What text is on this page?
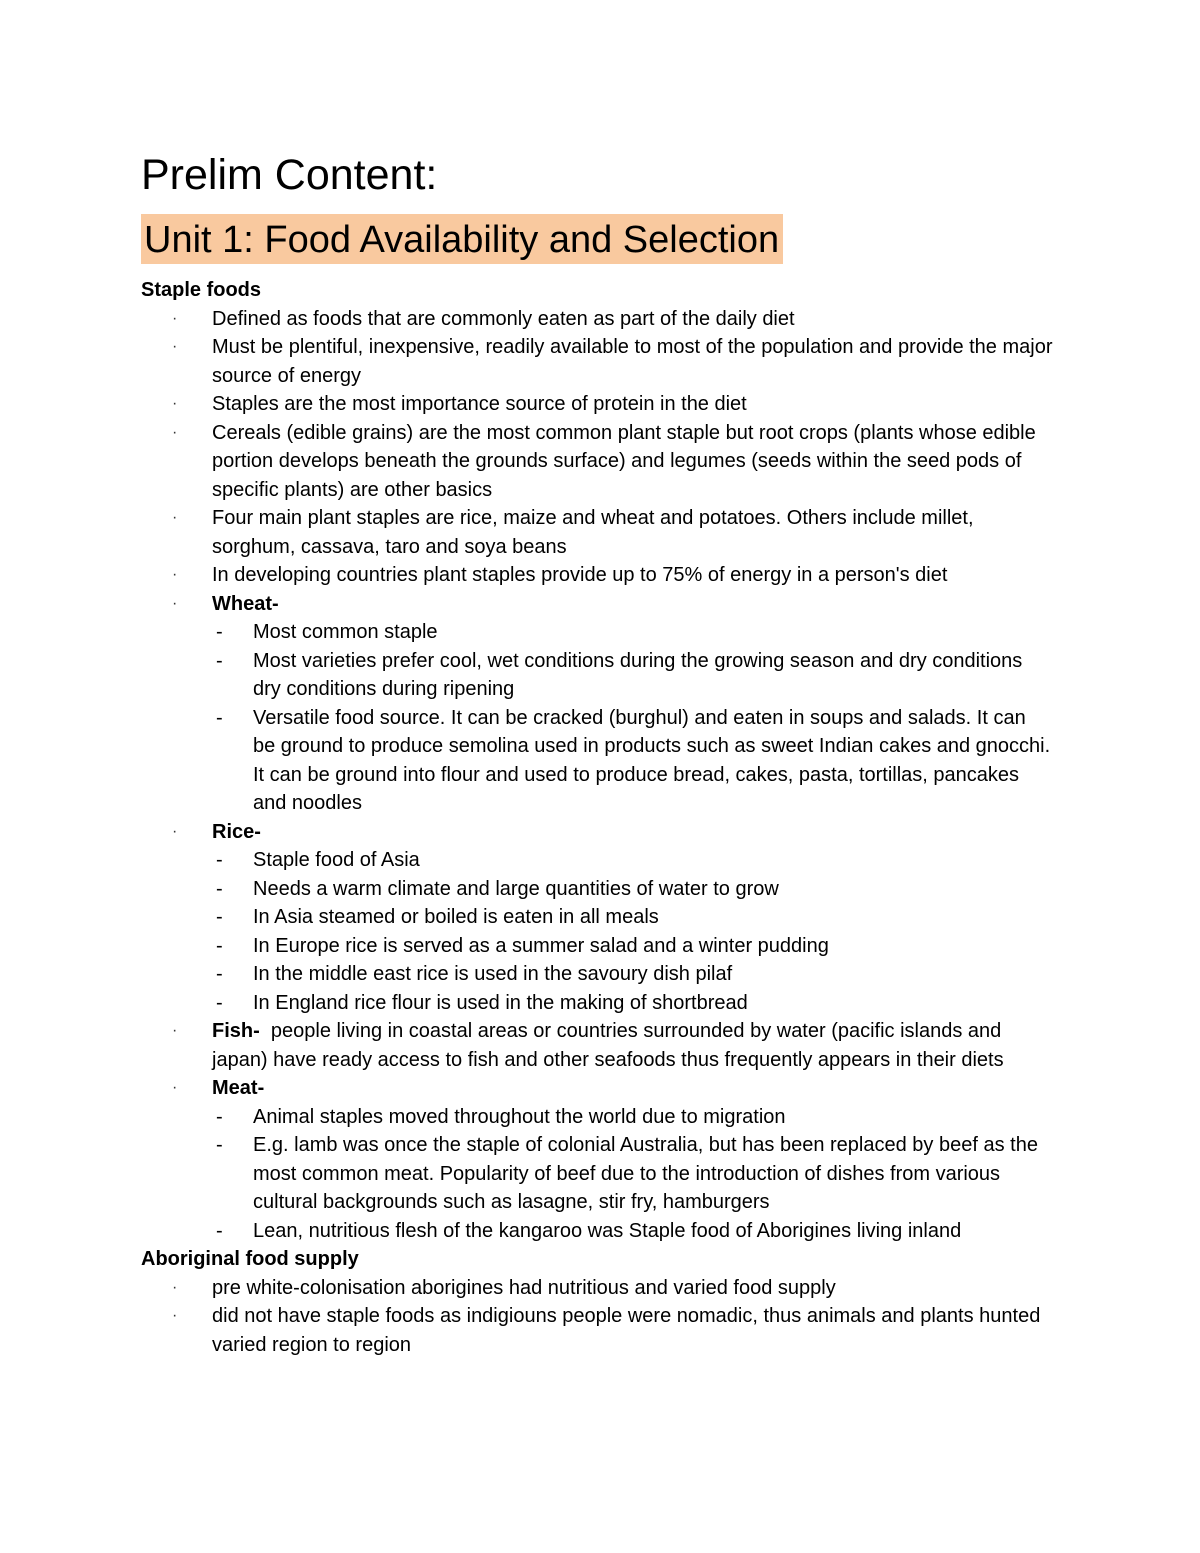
Prelim Content:
Unit 1: Food Availability and Selection
Staple foods
· Defined as foods that are commonly eaten as part of the daily diet
· Must be plentiful, inexpensive, readily available to most of the population and provide the major source of energy
· Staples are the most importance source of protein in the diet
· Cereals (edible grains) are the most common plant staple but root crops (plants whose edible portion develops beneath the grounds surface) and legumes (seeds within the seed pods of specific plants) are other basics
· Four main plant staples are rice, maize and wheat and potatoes. Others include millet, sorghum, cassava, taro and soya beans
· In developing countries plant staples provide up to 75% of energy in a person's diet
· Wheat-
- Most common staple
- Most varieties prefer cool, wet conditions during the growing season and dry conditions dry conditions during ripening
- Versatile food source. It can be cracked (burghul) and eaten in soups and salads. It can be ground to produce semolina used in products such as sweet Indian cakes and gnocchi. It can be ground into flour and used to produce bread, cakes, pasta, tortillas, pancakes and noodles
· Rice-
- Staple food of Asia
- Needs a warm climate and large quantities of water to grow
- In Asia steamed or boiled is eaten in all meals
- In Europe rice is served as a summer salad and a winter pudding
- In the middle east rice is used in the savoury dish pilaf
- In England rice flour is used in the making of shortbread
· Fish-  people living in coastal areas or countries surrounded by water (pacific islands and japan) have ready access to fish and other seafoods thus frequently appears in their diets
· Meat-
- Animal staples moved throughout the world due to migration
- E.g. lamb was once the staple of colonial Australia, but has been replaced by beef as the most common meat. Popularity of beef due to the introduction of dishes from various cultural backgrounds such as lasagne, stir fry, hamburgers
- Lean, nutritious flesh of the kangaroo was Staple food of Aborigines living inland
Aboriginal food supply
· pre white-colonisation aborigines had nutritious and varied food supply
· did not have staple foods as indigiouns people were nomadic, thus animals and plants hunted varied region to region
